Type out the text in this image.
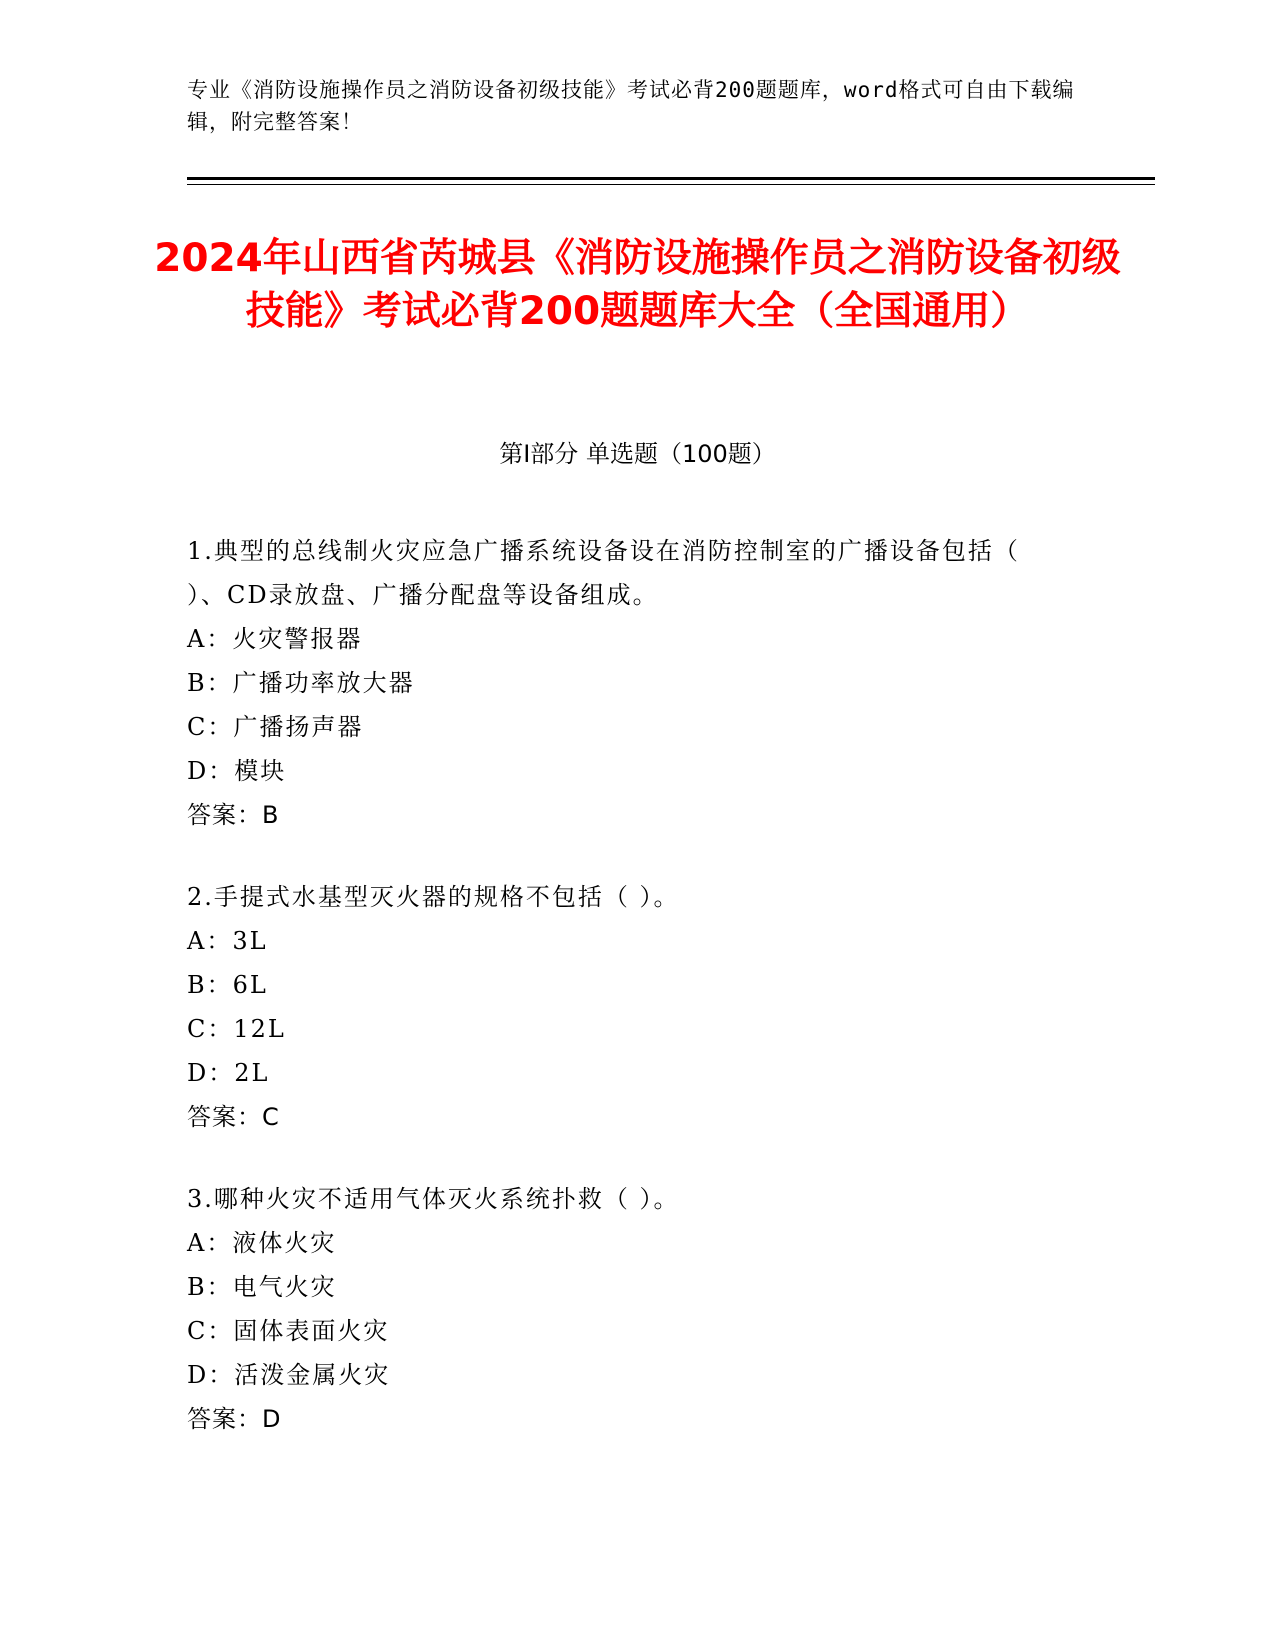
专业《消防设施操作员之消防设备初级技能》考试必背200题题库，word格式可自由下载编辑，附完整答案！
2024年山西省芮城县《消防设施操作员之消防设备初级技能》考试必背200题题库大全（全国通用）
第Ⅰ部分 单选题（100题）

1.典型的总线制火灾应急广播系统设备设在消防控制室的广播设备包括（ ）、CD录放盘、广播分配盘等设备组成。

A：火灾警报器

B：广播功率放大器

C：广播扬声器

D：模块

答案：B

2.手提式水基型灭火器的规格不包括（ ）。

A：3L

B：6L

C：12L

D：2L

答案：C

3.哪种火灾不适用气体灭火系统扑救（ ）。

A：液体火灾

B：电气火灾

C：固体表面火灾

D：活泼金属火灾

答案：D
